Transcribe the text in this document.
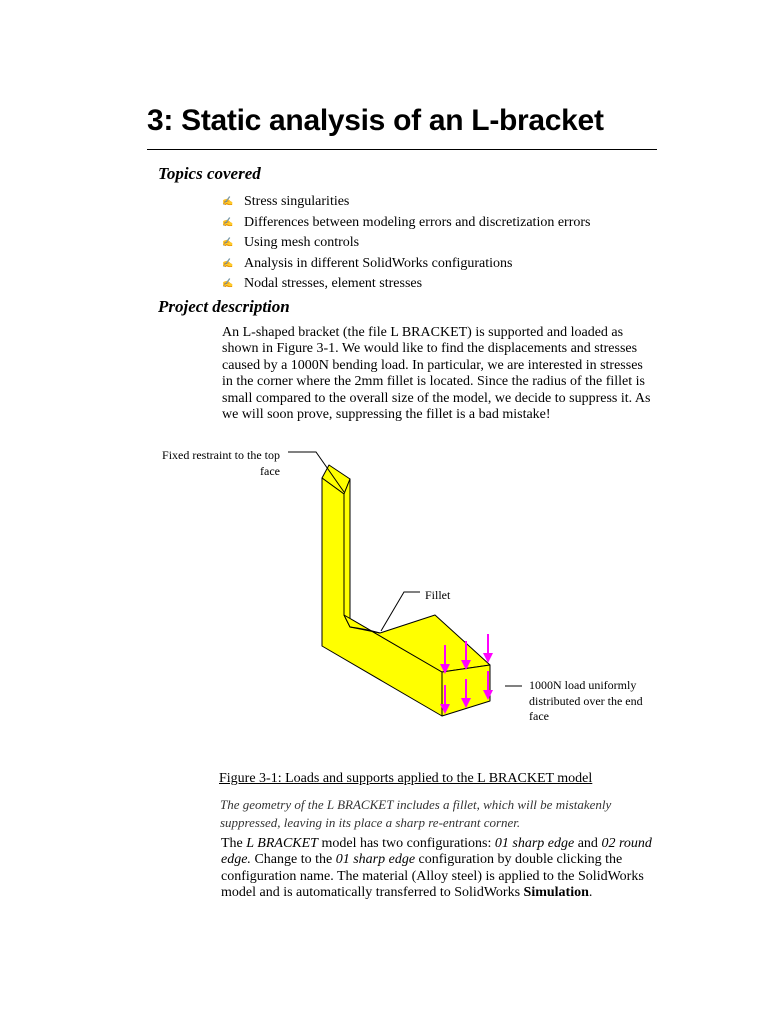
3: Static analysis of an L-bracket
Topics covered
✍ Stress singularities
✍ Differences between modeling errors and discretization errors
✍ Using mesh controls
✍ Analysis in different SolidWorks configurations
✍ Nodal stresses, element stresses
Project description
An L-shaped bracket (the file L BRACKET) is supported and loaded as shown in Figure 3-1. We would like to find the displacements and stresses caused by a 1000N bending load. In particular, we are interested in stresses in the corner where the 2mm fillet is located. Since the radius of the fillet is small compared to the overall size of the model, we decide to suppress it. As we will soon prove, suppressing the fillet is a bad mistake!
Fixed restraint to the top face
Fillet
1000N load uniformly distributed over the end face
Figure 3-1: Loads and supports applied to the L BRACKET model
The geometry of the L BRACKET includes a fillet, which will be mistakenly suppressed, leaving in its place a sharp re-entrant corner.
The L BRACKET model has two configurations: 01 sharp edge and 02 round edge. Change to the 01 sharp edge configuration by double clicking the configuration name. The material (Alloy steel) is applied to the SolidWorks model and is automatically transferred to SolidWorks Simulation.
